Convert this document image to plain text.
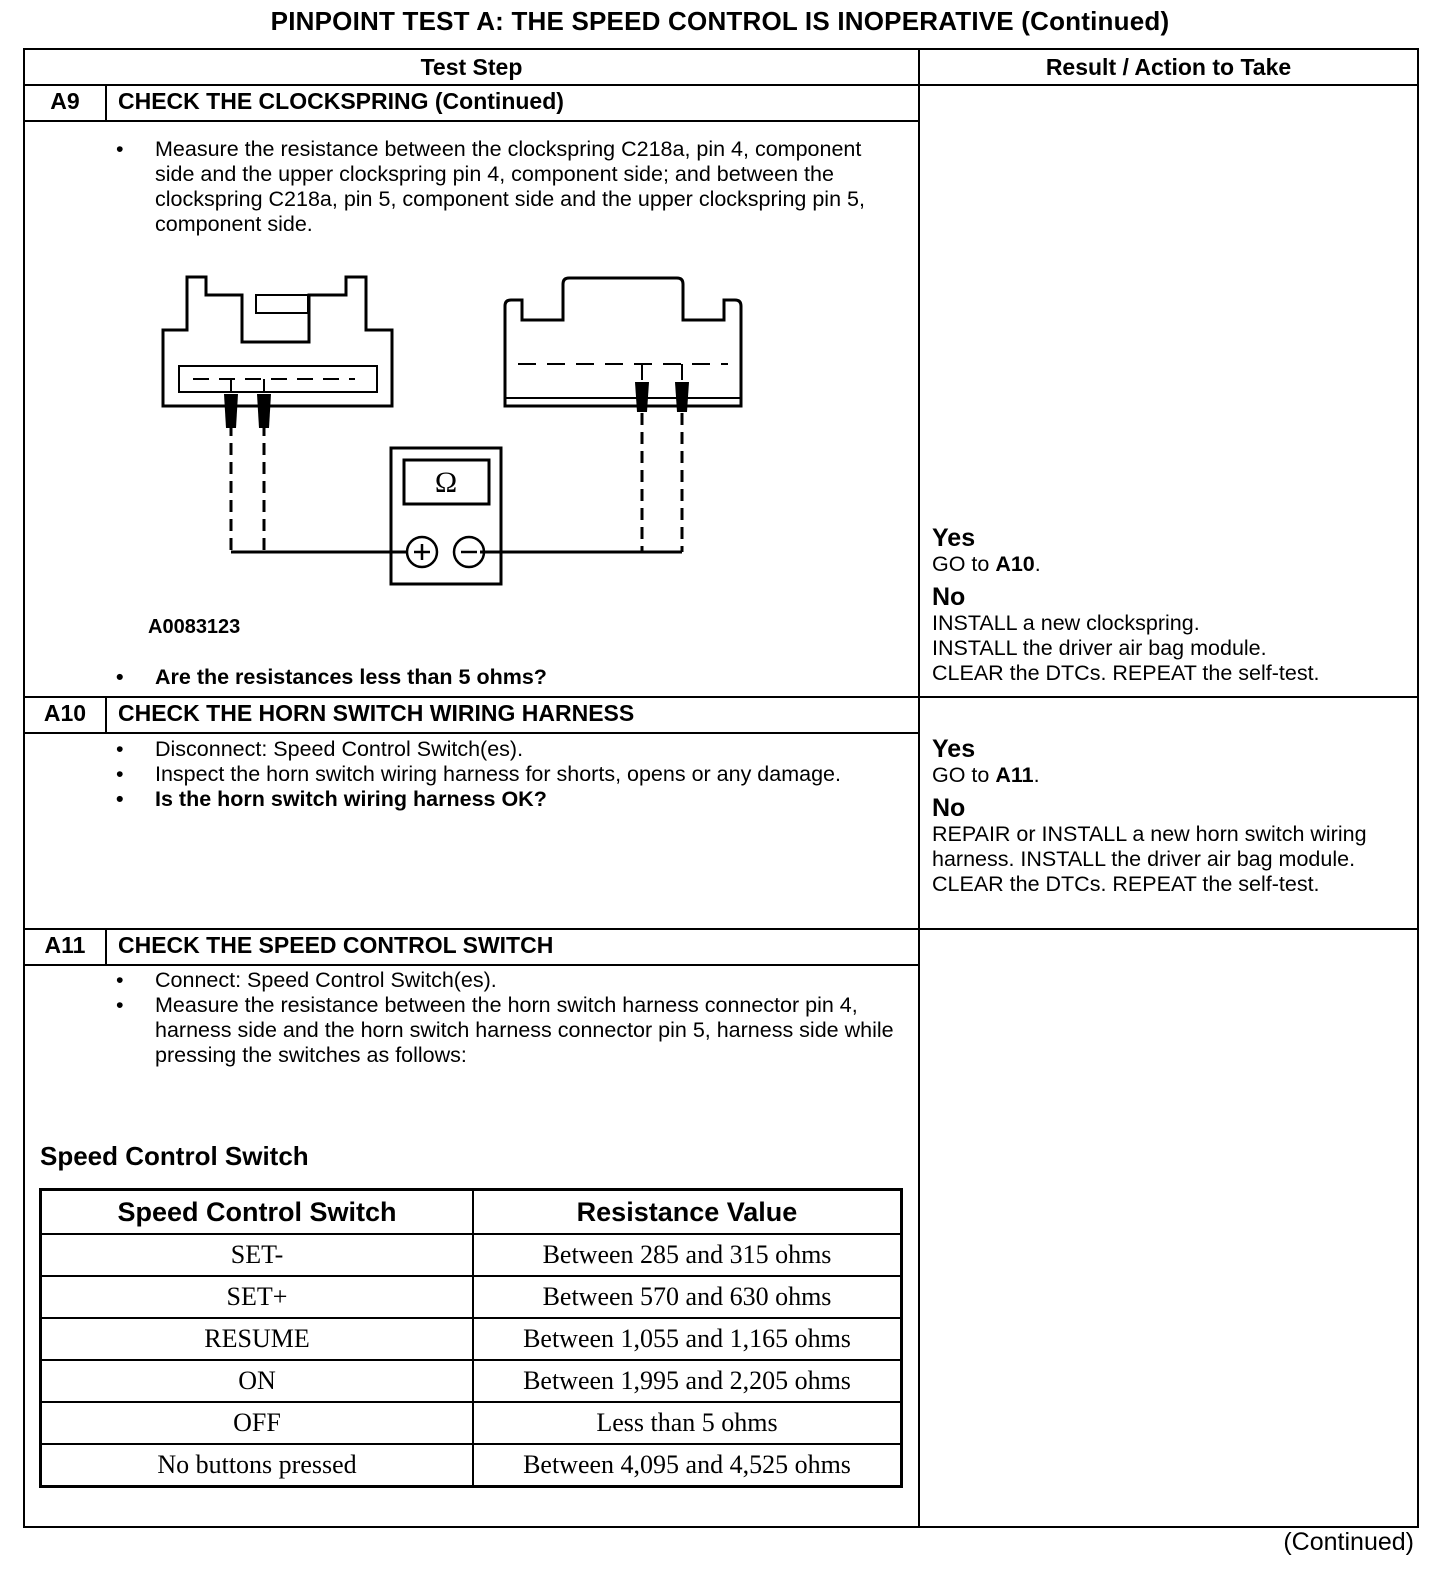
PINPOINT TEST A: THE SPEED CONTROL IS INOPERATIVE (Continued)
Test Step	Result / Action to Take
A9	CHECK THE CLOCKSPRING (Continued)
• Measure the resistance between the clockspring C218a, pin 4, component side and the upper clockspring pin 4, component side; and between the clockspring C218a, pin 5, component side and the upper clockspring pin 5, component side.
Ω
A0083123
• Are the resistances less than 5 ohms?
Yes
GO to A10.
No
INSTALL a new clockspring.
INSTALL the driver air bag module.
CLEAR the DTCs. REPEAT the self-test.
A10	CHECK THE HORN SWITCH WIRING HARNESS
• Disconnect: Speed Control Switch(es).
• Inspect the horn switch wiring harness for shorts, opens or any damage.
• Is the horn switch wiring harness OK?
Yes
GO to A11.
No
REPAIR or INSTALL a new horn switch wiring harness. INSTALL the driver air bag module. CLEAR the DTCs. REPEAT the self-test.
A11	CHECK THE SPEED CONTROL SWITCH
• Connect: Speed Control Switch(es).
• Measure the resistance between the horn switch harness connector pin 4, harness side and the horn switch harness connector pin 5, harness side while pressing the switches as follows:
Speed Control Switch
Speed Control Switch	Resistance Value
SET-	Between 285 and 315 ohms
SET+	Between 570 and 630 ohms
RESUME	Between 1,055 and 1,165 ohms
ON	Between 1,995 and 2,205 ohms
OFF	Less than 5 ohms
No buttons pressed	Between 4,095 and 4,525 ohms
(Continued)
